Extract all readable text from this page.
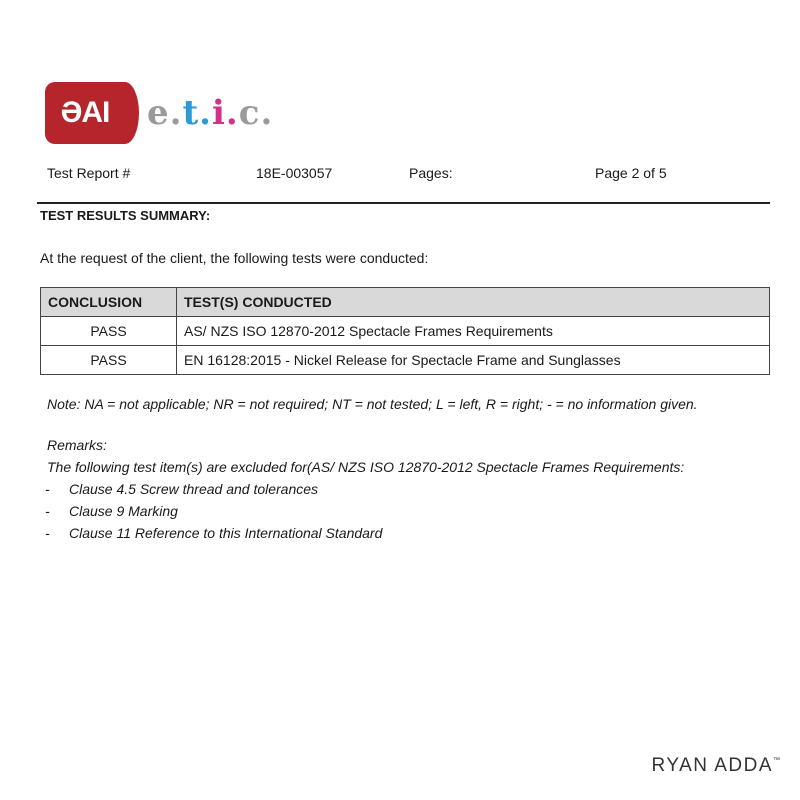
ƏAI e.t.i.c.
Test Report #	18E-003057	Pages:	Page 2 of 5
TEST RESULTS SUMMARY:
At the request of the client, the following tests were conducted:
CONCLUSION	TEST(S) CONDUCTED
PASS	AS/ NZS ISO 12870-2012 Spectacle Frames Requirements
PASS	EN 16128:2015 - Nickel Release for Spectacle Frame and Sunglasses
Note: NA = not applicable; NR = not required; NT = not tested; L = left, R = right; - = no information given.
Remarks:
The following test item(s) are excluded for(AS/ NZS ISO 12870-2012 Spectacle Frames Requirements:
-	Clause 4.5 Screw thread and tolerances
-	Clause 9 Marking
-	Clause 11 Reference to this International Standard
RYAN ADDA™
